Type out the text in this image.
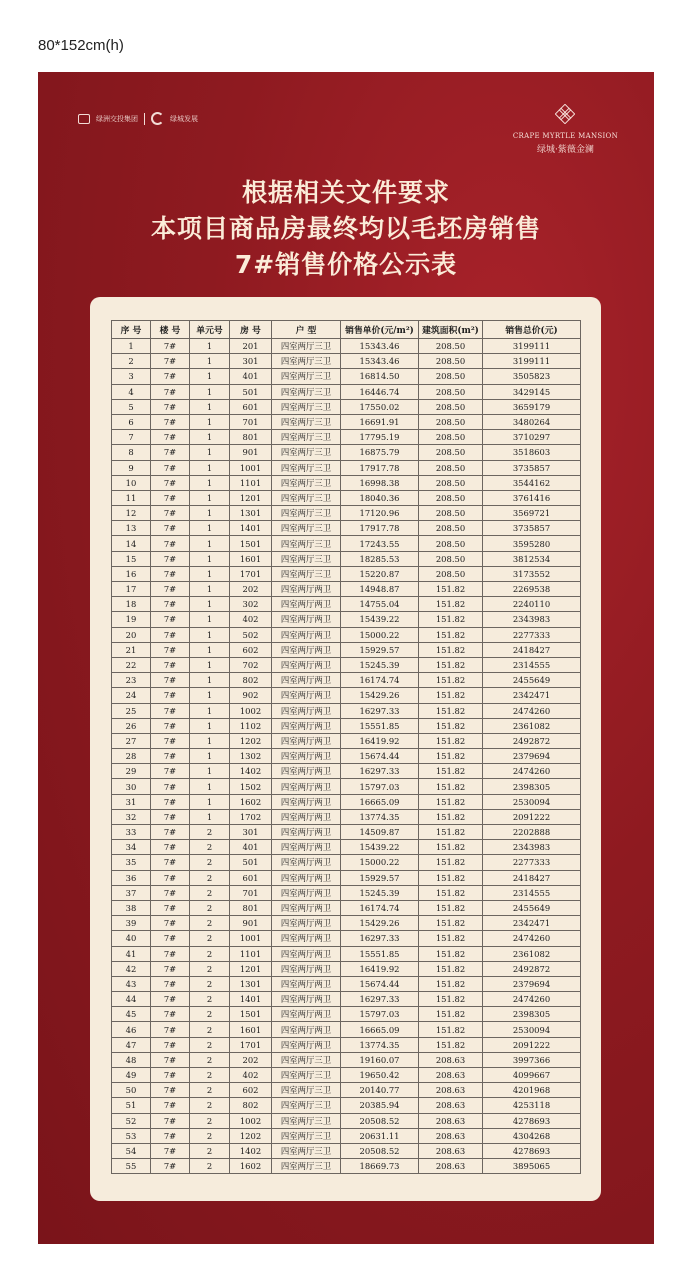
80*152cm(h)
绿洲交投集团	绿城发展
CRAPE MYRTLE MANSION
绿城·紫薇金澜
根据相关文件要求
本项目商品房最终均以毛坯房销售
7#销售价格公示表
序 号	楼 号	单元号	房 号	户 型	销售单价(元/m²)	建筑面积(m²)	销售总价(元)
1	7#	1	201	四室两厅三卫	15343.46	208.50	3199111
2	7#	1	301	四室两厅三卫	15343.46	208.50	3199111
3	7#	1	401	四室两厅三卫	16814.50	208.50	3505823
4	7#	1	501	四室两厅三卫	16446.74	208.50	3429145
5	7#	1	601	四室两厅三卫	17550.02	208.50	3659179
6	7#	1	701	四室两厅三卫	16691.91	208.50	3480264
7	7#	1	801	四室两厅三卫	17795.19	208.50	3710297
8	7#	1	901	四室两厅三卫	16875.79	208.50	3518603
9	7#	1	1001	四室两厅三卫	17917.78	208.50	3735857
10	7#	1	1101	四室两厅三卫	16998.38	208.50	3544162
11	7#	1	1201	四室两厅三卫	18040.36	208.50	3761416
12	7#	1	1301	四室两厅三卫	17120.96	208.50	3569721
13	7#	1	1401	四室两厅三卫	17917.78	208.50	3735857
14	7#	1	1501	四室两厅三卫	17243.55	208.50	3595280
15	7#	1	1601	四室两厅三卫	18285.53	208.50	3812534
16	7#	1	1701	四室两厅三卫	15220.87	208.50	3173552
17	7#	1	202	四室两厅两卫	14948.87	151.82	2269538
18	7#	1	302	四室两厅两卫	14755.04	151.82	2240110
19	7#	1	402	四室两厅两卫	15439.22	151.82	2343983
20	7#	1	502	四室两厅两卫	15000.22	151.82	2277333
21	7#	1	602	四室两厅两卫	15929.57	151.82	2418427
22	7#	1	702	四室两厅两卫	15245.39	151.82	2314555
23	7#	1	802	四室两厅两卫	16174.74	151.82	2455649
24	7#	1	902	四室两厅两卫	15429.26	151.82	2342471
25	7#	1	1002	四室两厅两卫	16297.33	151.82	2474260
26	7#	1	1102	四室两厅两卫	15551.85	151.82	2361082
27	7#	1	1202	四室两厅两卫	16419.92	151.82	2492872
28	7#	1	1302	四室两厅两卫	15674.44	151.82	2379694
29	7#	1	1402	四室两厅两卫	16297.33	151.82	2474260
30	7#	1	1502	四室两厅两卫	15797.03	151.82	2398305
31	7#	1	1602	四室两厅两卫	16665.09	151.82	2530094
32	7#	1	1702	四室两厅两卫	13774.35	151.82	2091222
33	7#	2	301	四室两厅两卫	14509.87	151.82	2202888
34	7#	2	401	四室两厅两卫	15439.22	151.82	2343983
35	7#	2	501	四室两厅两卫	15000.22	151.82	2277333
36	7#	2	601	四室两厅两卫	15929.57	151.82	2418427
37	7#	2	701	四室两厅两卫	15245.39	151.82	2314555
38	7#	2	801	四室两厅两卫	16174.74	151.82	2455649
39	7#	2	901	四室两厅两卫	15429.26	151.82	2342471
40	7#	2	1001	四室两厅两卫	16297.33	151.82	2474260
41	7#	2	1101	四室两厅两卫	15551.85	151.82	2361082
42	7#	2	1201	四室两厅两卫	16419.92	151.82	2492872
43	7#	2	1301	四室两厅两卫	15674.44	151.82	2379694
44	7#	2	1401	四室两厅两卫	16297.33	151.82	2474260
45	7#	2	1501	四室两厅两卫	15797.03	151.82	2398305
46	7#	2	1601	四室两厅两卫	16665.09	151.82	2530094
47	7#	2	1701	四室两厅两卫	13774.35	151.82	2091222
48	7#	2	202	四室两厅三卫	19160.07	208.63	3997366
49	7#	2	402	四室两厅三卫	19650.42	208.63	4099667
50	7#	2	602	四室两厅三卫	20140.77	208.63	4201968
51	7#	2	802	四室两厅三卫	20385.94	208.63	4253118
52	7#	2	1002	四室两厅三卫	20508.52	208.63	4278693
53	7#	2	1202	四室两厅三卫	20631.11	208.63	4304268
54	7#	2	1402	四室两厅三卫	20508.52	208.63	4278693
55	7#	2	1602	四室两厅三卫	18669.73	208.63	3895065
